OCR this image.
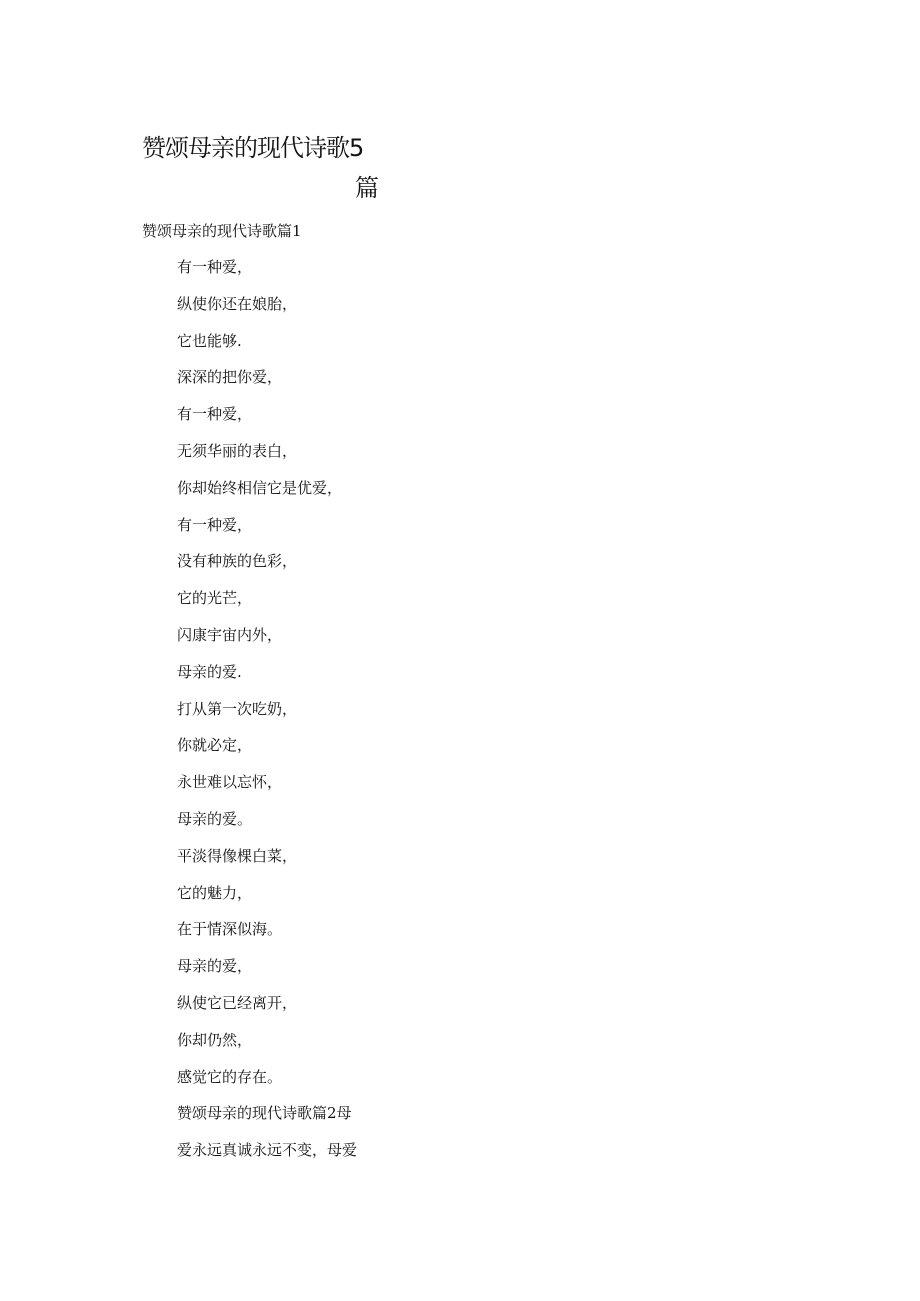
赞颂母亲的现代诗歌5
篇
赞颂母亲的现代诗歌篇1
有一种爱，
纵使你还在娘胎，
它也能够.
深深的把你爱，
有一种爱，
无须华丽的表白，
你却始终相信它是优爱，
有一种爱，
没有种族的色彩，
它的光芒，
闪康宇宙内外，
母亲的爱.
打从第一次吃奶，
你就必定，
永世难以忘怀，
母亲的爱。
平淡得像棵白菜，
它的魅力，
在于情深似海。
母亲的爱，
纵使它已经离开，
你却仍然，
感觉它的存在。
赞颂母亲的现代诗歌篇2母
爱永远真诚永远不变，母爱
